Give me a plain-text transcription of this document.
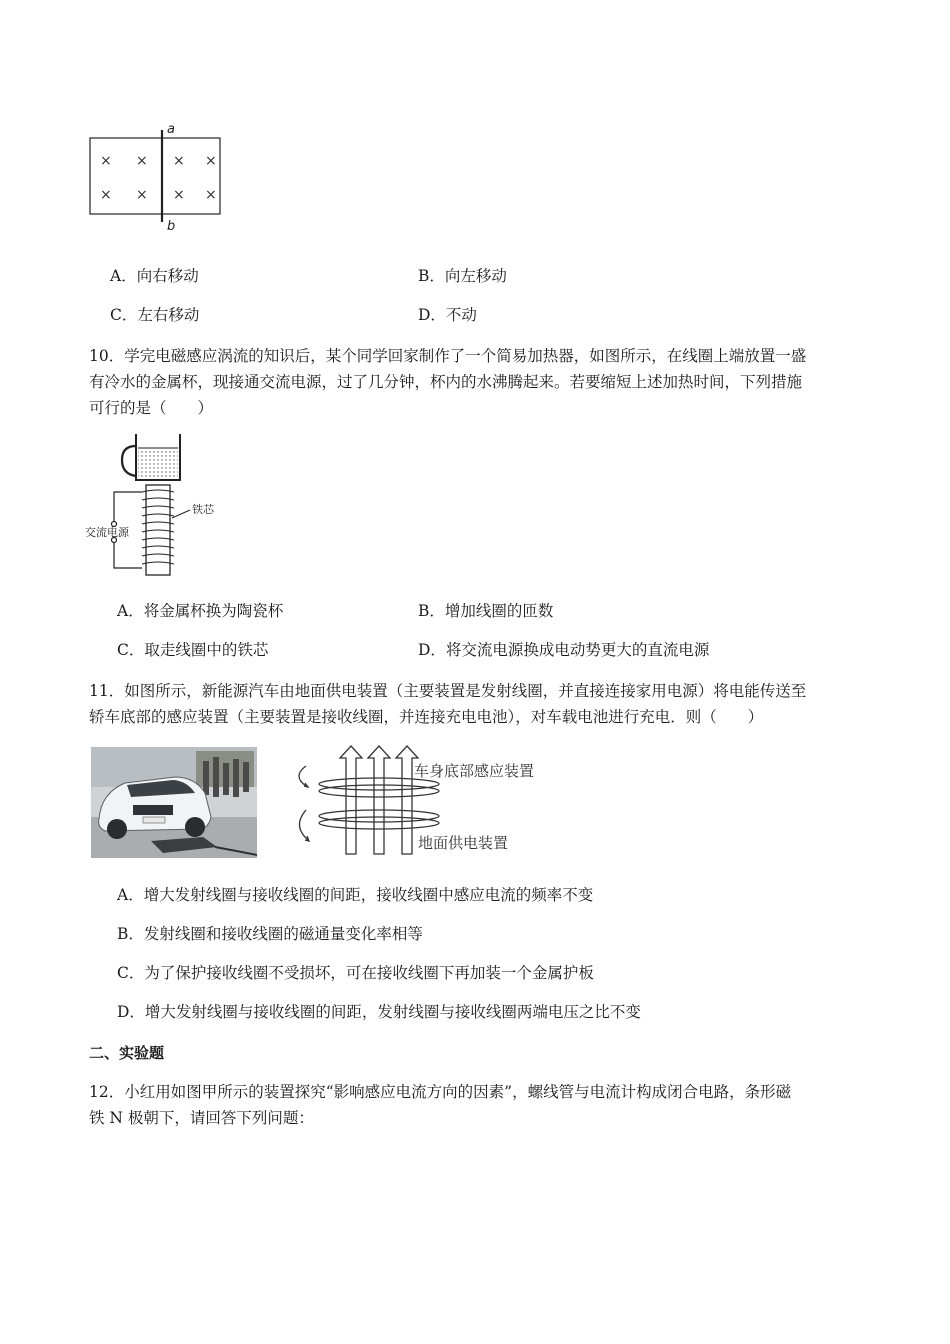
a
b
× × × ×
× × × ×
A．向右移动	B．向左移动
C．左右移动	D．不动
10．学完电磁感应涡流的知识后，某个同学回家制作了一个简易加热器，如图所示，在线圈上端放置一盛
有冷水的金属杯，现接通交流电源，过了几分钟，杯内的水沸腾起来。若要缩短上述加热时间，下列措施
可行的是（　　）
铁芯
交流电源
A．将金属杯换为陶瓷杯	B．增加线圈的匝数
C．取走线圈中的铁芯	D．将交流电源换成电动势更大的直流电源
11．如图所示，新能源汽车由地面供电装置（主要装置是发射线圈，并直接连接家用电源）将电能传送至
轿车底部的感应装置（主要装置是接收线圈，并连接充电电池），对车载电池进行充电．则（　　）
车身底部感应装置
地面供电装置
A．增大发射线圈与接收线圈的间距，接收线圈中感应电流的频率不变
B．发射线圈和接收线圈的磁通量变化率相等
C．为了保护接收线圈不受损坏，可在接收线圈下再加装一个金属护板
D．增大发射线圈与接收线圈的间距，发射线圈与接收线圈两端电压之比不变
二、实验题
12．小红用如图甲所示的装置探究“影响感应电流方向的因素”，螺线管与电流计构成闭合电路，条形磁
铁 N 极朝下，请回答下列问题：
